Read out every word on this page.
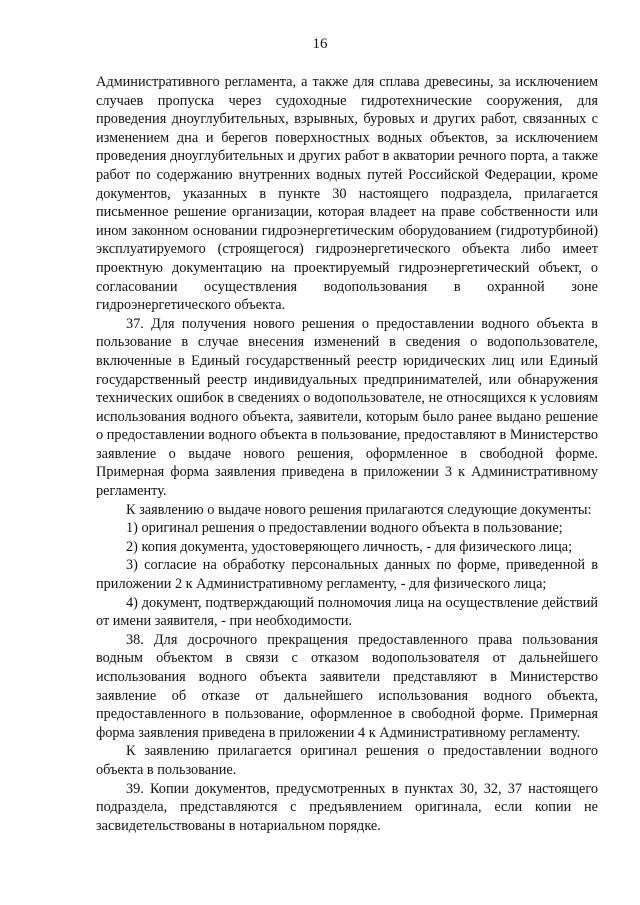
16

Административного регламента, а также для сплава древесины, за исключением случаев пропуска через судоходные гидротехнические сооружения, для проведения дноуглубительных, взрывных, буровых и других работ, связанных с изменением дна и берегов поверхностных водных объектов, за исключением проведения дноуглубительных и других работ в акватории речного порта, а также работ по содержанию внутренних водных путей Российской Федерации, кроме документов, указанных в пункте 30 настоящего подраздела, прилагается письменное решение организации, которая владеет на праве собственности или ином законном основании гидроэнергетическим оборудованием (гидротурбиной) эксплуатируемого (строящегося) гидроэнергетического объекта либо имеет проектную документацию на проектируемый гидроэнергетический объект, о согласовании осуществления водопользования в охранной зоне гидроэнергетического объекта.

37. Для получения нового решения о предоставлении водного объекта в пользование в случае внесения изменений в сведения о водопользователе, включенные в Единый государственный реестр юридических лиц или Единый государственный реестр индивидуальных предпринимателей, или обнаружения технических ошибок в сведениях о водопользователе, не относящихся к условиям использования водного объекта, заявители, которым было ранее выдано решение о предоставлении водного объекта в пользование, предоставляют в Министерство заявление о выдаче нового решения, оформленное в свободной форме. Примерная форма заявления приведена в приложении 3 к Административному регламенту.

К заявлению о выдаче нового решения прилагаются следующие документы:

1) оригинал решения о предоставлении водного объекта в пользование;

2) копия документа, удостоверяющего личность, - для физического лица;

3) согласие на обработку персональных данных по форме, приведенной в приложении 2 к Административному регламенту, - для физического лица;

4) документ, подтверждающий полномочия лица на осуществление действий от имени заявителя, - при необходимости.

38. Для досрочного прекращения предоставленного права пользования водным объектом в связи с отказом водопользователя от дальнейшего использования водного объекта заявители представляют в Министерство заявление об отказе от дальнейшего использования водного объекта, предоставленного в пользование, оформленное в свободной форме. Примерная форма заявления приведена в приложении 4 к Административному регламенту.

К заявлению прилагается оригинал решения о предоставлении водного объекта в пользование.

39. Копии документов, предусмотренных в пунктах 30, 32, 37 настоящего подраздела, представляются с предъявлением оригинала, если копии не засвидетельствованы в нотариальном порядке.
